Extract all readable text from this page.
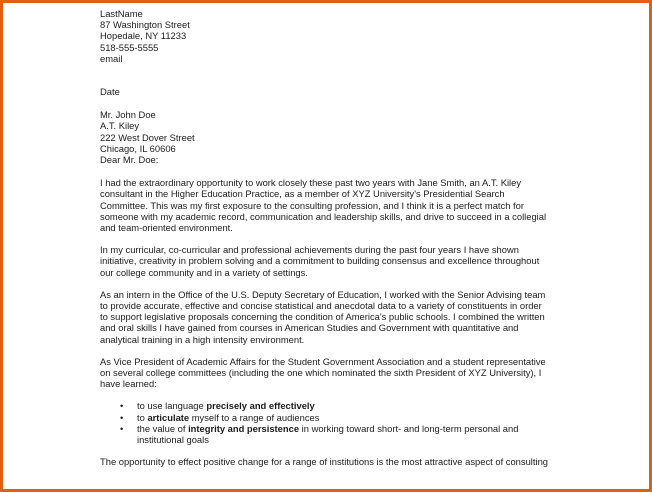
LastName
87 Washington Street
Hopedale, NY 11233
518-555-5555
email
Date
Mr. John Doe
A.T. Kiley
222 West Dover Street
Chicago, IL 60606
Dear Mr. Doe:
I had the extraordinary opportunity to work closely these past two years with Jane Smith, an A.T. Kiley
consultant in the Higher Education Practice, as a member of XYZ University's Presidential Search
Committee. This was my first exposure to the consulting profession, and I think it is a perfect match for
someone with my academic record, communication and leadership skills, and drive to succeed in a collegial
and team-oriented environment.
In my curricular, co-curricular and professional achievements during the past four years I have shown
initiative, creativity in problem solving and a commitment to building consensus and excellence throughout
our college community and in a variety of settings.
As an intern in the Office of the U.S. Deputy Secretary of Education, I worked with the Senior Advising team
to provide accurate, effective and concise statistical and anecdotal data to a variety of constituents in order
to support legislative proposals concerning the condition of America's public schools. I combined the written
and oral skills I have gained from courses in American Studies and Government with quantitative and
analytical training in a high intensity environment.
As Vice President of Academic Affairs for the Student Government Association and a student representative
on several college committees (including the one which nominated the sixth President of XYZ University), I
have learned:
• to use language precisely and effectively
• to articulate myself to a range of audiences
• the value of integrity and persistence in working toward short- and long-term personal and
institutional goals
The opportunity to effect positive change for a range of institutions is the most attractive aspect of consulting
